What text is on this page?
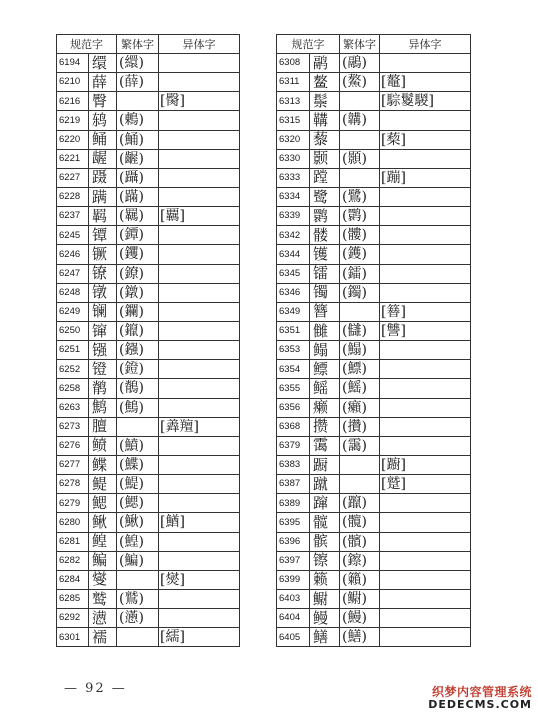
规范字		繁体字	异体字
6194	缳	(繯)	
6210	薛	(薛)	
6216	臀		[臋]
6219	鸫	(鶇)	
6220	鲬	(鯒)	
6221	龌	(齷)	
6227	蹑	(躡)	
6228	蹒	(蹣)	
6237	羁	(羈)	[覊]
6245	镡	(鐔)	
6246	镢	(钁)	
6247	镣	(鐐)	
6248	镦	(鐓)	
6249	镧	(鑭)	
6250	镩	(鑹)	
6251	镪	(鏹)	
6252	镫	(鐙)	
6258	鹡	(鶺)	
6263	鹪	(鷦)	
6273	膻		[羴羶]
6276	鲼	(鱝)	
6277	鲽	(鰈)	
6278	鳀	(鯷)	
6279	鳃	(鰓)	
6280	鳅	(鰍)	[鰌]
6281	鳇	(鰉)	
6282	鳊	(鯿)	
6284	燮		[爕]
6285	鹫	(鷲)	
6292	懑	(懣)	
6301	襦		[繻]
规范字		繁体字	异体字
6308	鹝	(鷊)	
6311	鳌	(鰲)	[鼇]
6313	鬃		[騌鬉騣]
6315	鞲	(韝)	
6320	藜		[蔾]
6330	颢	(顥)	
6333	蹚		[蹦]
6334	鹭	(鷺)	
6339	鹮	(鹮)	
6342	髅	(髏)	
6344	镬	(鑊)	
6345	镭	(鐳)	
6346	镯	(鐲)	
6349	簪		[簮]
6351	雠	(讎)	[讐]
6353	鳎	(鰨)	
6354	鳔	(鰾)	
6355	鳐	(鰩)	
6356	癞	(癩)	
6368	攒	(攢)	
6379	霭	(靄)	
6383	蹰		[躕]
6387	蹴		[蹵]
6389	蹿	(躥)	
6395	髋	(髖)	
6396	髌	(髕)	
6397	镲	(鑔)	
6399	籁	(籟)	
6403	鳚	(鳚)	
6404	鳗	(鰻)	
6405	鳝	(鱔)	
— 92 —	织梦内容管理系统
DEDECMS.COM
